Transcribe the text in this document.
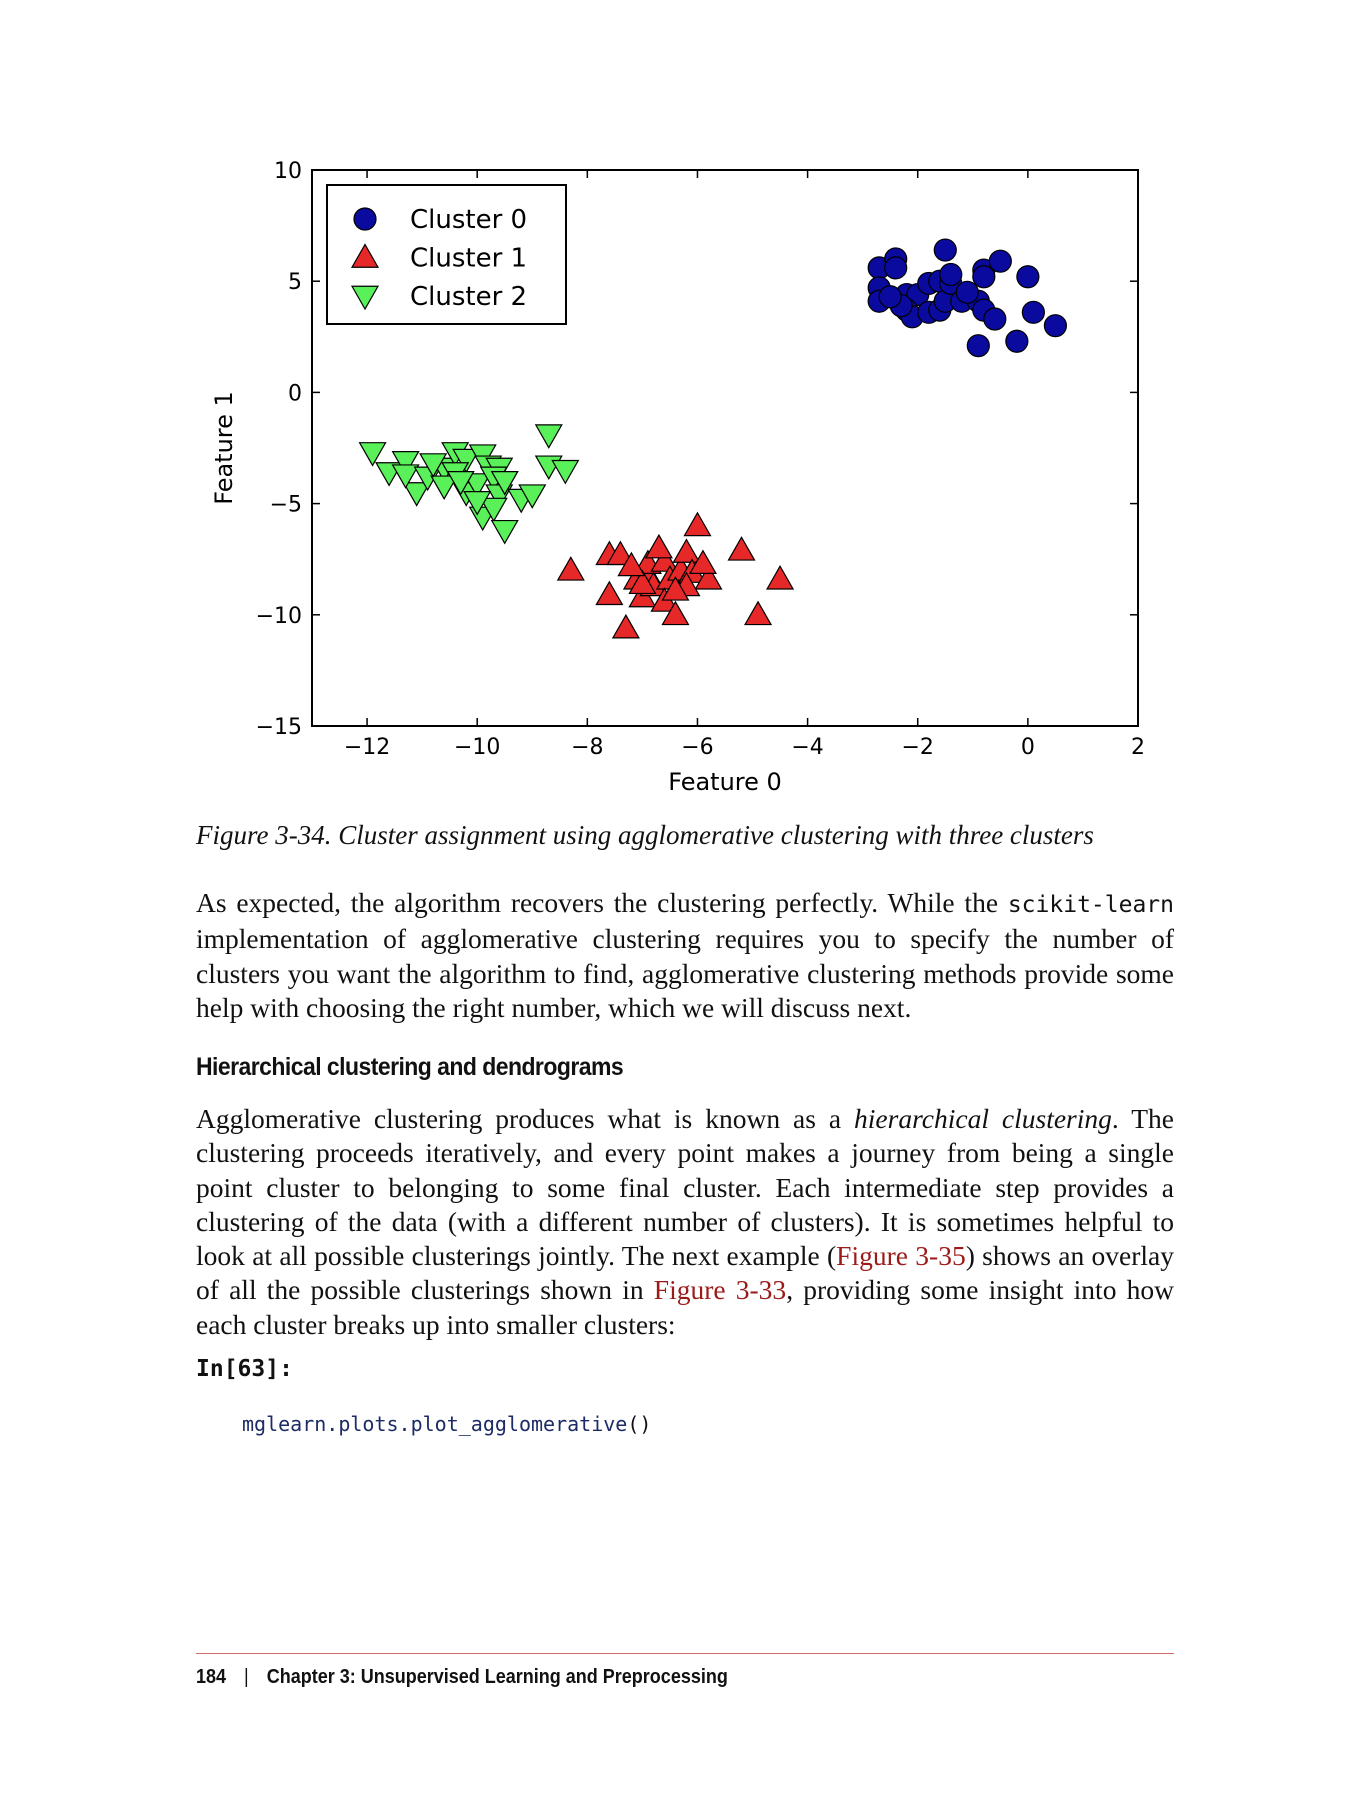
−12	−10	−8	−6	−4	−2	0	2
−15
−10
−5
0
5
10
Feature 0
Feature 1
Cluster 0
Cluster 1
Cluster 2
Figure 3-34. Cluster assignment using agglomerative clustering with three clusters

As expected, the algorithm recovers the clustering perfectly. While the scikit-learn implementation of agglomerative clustering requires you to specify the number of clusters you want the algorithm to find, agglomerative clustering methods provide some help with choosing the right number, which we will discuss next.

Hierarchical clustering and dendrograms

Agglomerative clustering produces what is known as a hierarchical clustering. The clustering proceeds iteratively, and every point makes a journey from being a single point cluster to belonging to some final cluster. Each intermediate step provides a clustering of the data (with a different number of clusters). It is sometimes helpful to look at all possible clusterings jointly. The next example (Figure 3-35) shows an overlay of all the possible clusterings shown in Figure 3-33, providing some insight into how each cluster breaks up into smaller clusters:

In[63]:
mglearn.plots.plot_agglomerative()
184 | Chapter 3: Unsupervised Learning and Preprocessing
